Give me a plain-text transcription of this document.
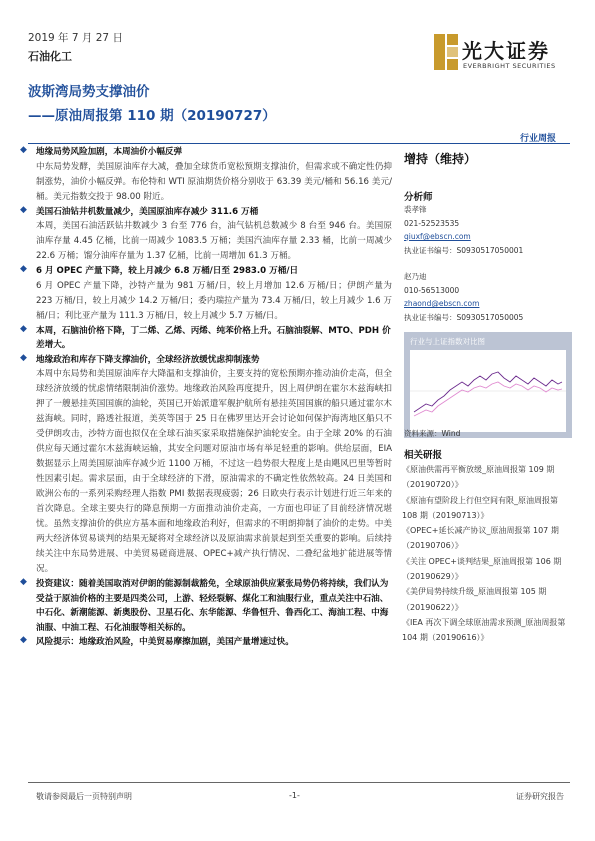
2019 年 7 月 27 日
石油化工	光大证券
EVERBRIGHT SECURITIES
波斯湾局势支撑油价
——原油周报第 110 期（20190727）
行业周报
◆ 地缘局势风险加剧，本周油价小幅反弹

中东局势发酵，美国原油库存大减，叠加全球货币宽松预期支撑油价，但需求或不确定性仍抑制涨势，油价小幅反弹。布伦特和 WTI 原油期货价格分别收于 63.39 美元/桶和 56.16 美元/桶。美元指数交投于 98.00 附近。

◆ 美国石油钻井机数量减少，美国原油库存减少 311.6 万桶

本周，美国石油活跃钻井数减少 3 台至 776 台，油气钻机总数减少 8 台至 946 台。美国原油库存量 4.45 亿桶，比前一周减少 1083.5 万桶；美国汽油库存量 2.33 桶，比前一周减少 22.6 万桶；馏分油库存量为 1.37 亿桶，比前一周增加 61.3 万桶。

◆ 6 月 OPEC 产量下降，较上月减少 6.8 万桶/日至 2983.0 万桶/日

6 月 OPEC 产量下降，沙特产量为 981 万桶/日，较上月增加 12.6 万桶/日；伊朗产量为 223 万桶/日，较上月减少 14.2 万桶/日；委内瑞拉产量为 73.4 万桶/日，较上月减少 1.6 万桶/日；利比亚产量为 111.3 万桶/日，较上月减少 5.7 万桶/日。

◆ 本周，石脑油价格下降，丁二烯、乙烯、丙烯、纯苯价格上升。石脑油裂解、MTO、PDH 价差增大。
◆ 地缘政治和库存下降支撑油价，全球经济放缓忧虑抑制涨势

本周中东局势和美国原油库存大降温和支撑油价，主要支持的宽松预期亦推动油价走高，但全球经济放缓的忧虑情绪限制油价涨势。地缘政治风险再度提升，因上周伊朗在霍尔木兹海峡扣押了一艘悬挂英国国旗的油轮，英国已开始派遣军舰护航所有悬挂英国国旗的船只通过霍尔木兹海峡。同时，路透社报道，美英等国于 25 日在佛罗里达开会讨论如何保护海湾地区船只不受伊朗攻击，沙特方面也拟仅在全球石油买家采取措施保护油轮安全。由于全球 20% 的石油供应每天通过霍尔木兹海峡运输，其安全问题对原油市场有举足轻重的影响。供给层面，EIA 数据显示上周美国原油库存减少近 1100 万桶，不过这一趋势很大程度上是由飓风巴里等暂时性因素引起。需求层面，由于全球经济的下滑，原油需求的不确定性依然较高。24 日美国和欧洲公布的一系列采购经理人指数 PMI 数据表现疲弱；26 日欧央行表示计划进行近三年来的首次降息。全球主要央行的降息预期一方面推动油价走高，一方面也印证了目前经济情况堪忧。虽然支撑油价的供应方基本面和地缘政治利好，但需求的不明朗抑制了油价的走势。中美两大经济体贸易谈判的结果无疑将对全球经济以及原油需求前景起到至关重要的影响。后续持续关注中东局势进展、中美贸易磋商进展、OPEC+减产执行情况、二叠纪盆地扩能进展等情况。

◆ 投资建议：随着美国取消对伊朗的能源制裁豁免，全球原油供应紧张局势仍将持续，我们认为受益于原油价格的主要是四类公司，上游、轻烃裂解、煤化工和油服行业，重点关注中石油、中石化、新潮能源、新奥股份、卫星石化、东华能源、华鲁恒升、鲁西化工、海油工程、中海油服、中油工程、石化油服等相关标的。
◆ 风险提示：地缘政治风险，中美贸易摩擦加剧，美国产量增速过快。
增持（维持）
分析师
裘孝锋
021-52523535
qiuxf@ebscn.com
执业证书编号：S0930517050001
赵乃迪
010-56513000
zhaond@ebscn.com
执业证书编号：S0930517050005
行业与上证指数对比图
资料来源：Wind
相关研报
《原油供需再平衡放缓_原油周报第 109 期（20190720）》
《原油有望阶段上行但空间有限_原油周报第 108 期（20190713）》
《OPEC+延长减产协议_原油周报第 107 期（20190706）》
《关注 OPEC+谈判结果_原油周报第 106 期（20190629）》
《美伊局势持续升级_原油周报第 105 期（20190622）》
《IEA 再次下调全球原油需求预测_原油周报第 104 期（20190616）》
敬请参阅最后一页特别声明	-1-	证券研究报告
